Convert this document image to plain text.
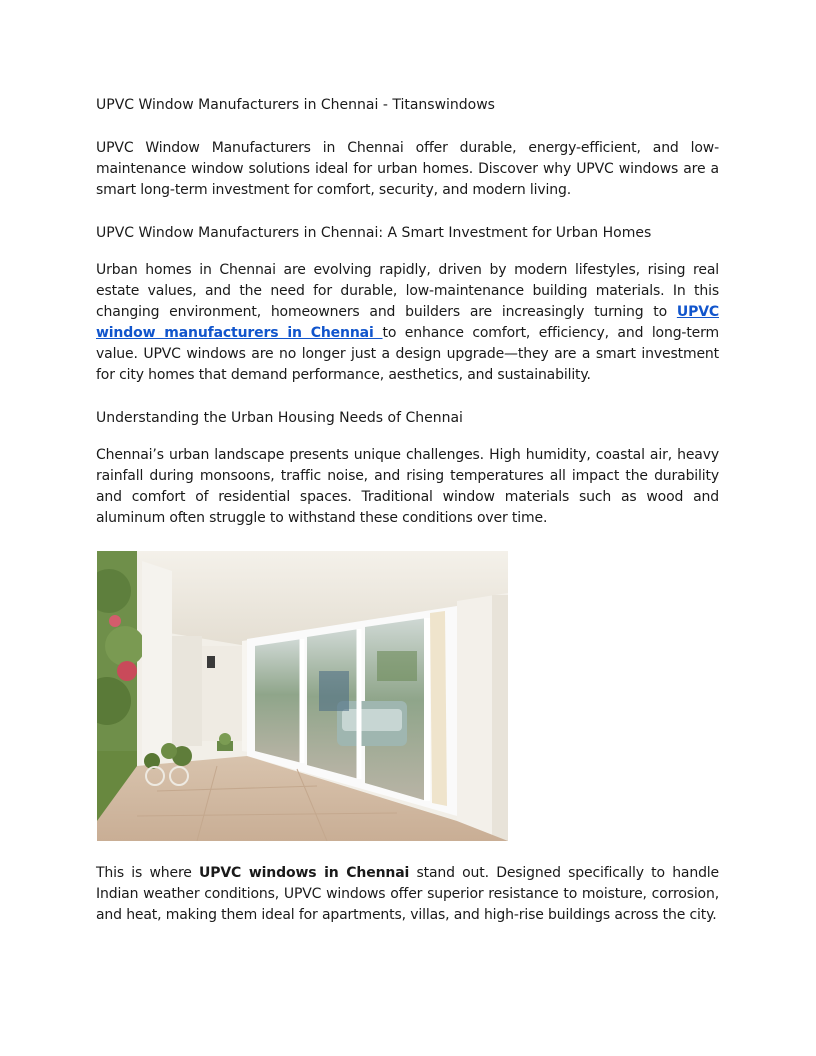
UPVC Window Manufacturers in Chennai - Titanswindows

UPVC Window Manufacturers in Chennai offer durable, energy-efficient, and low-maintenance window solutions ideal for urban homes. Discover why UPVC windows are a smart long-term investment for comfort, security, and modern living.

UPVC Window Manufacturers in Chennai: A Smart Investment for Urban Homes

Urban homes in Chennai are evolving rapidly, driven by modern lifestyles, rising real estate values, and the need for durable, low-maintenance building materials. In this changing environment, homeowners and builders are increasingly turning to UPVC window manufacturers in Chennai to enhance comfort, efficiency, and long-term value. UPVC windows are no longer just a design upgrade—they are a smart investment for city homes that demand performance, aesthetics, and sustainability.

Understanding the Urban Housing Needs of Chennai

Chennai’s urban landscape presents unique challenges. High humidity, coastal air, heavy rainfall during monsoons, traffic noise, and rising temperatures all impact the durability and comfort of residential spaces. Traditional window materials such as wood and aluminum often struggle to withstand these conditions over time.

This is where UPVC windows in Chennai stand out. Designed specifically to handle Indian weather conditions, UPVC windows offer superior resistance to moisture, corrosion, and heat, making them ideal for apartments, villas, and high-rise buildings across the city.
